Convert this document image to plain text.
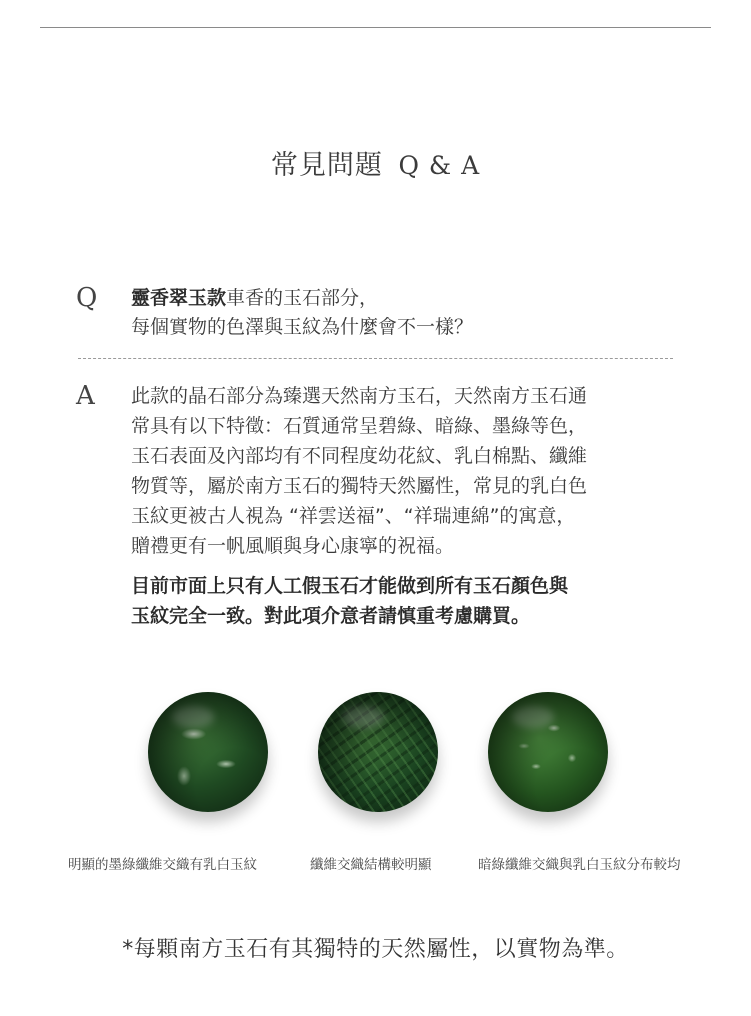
常見問題 Q & A
Q 靈香翠玉款車香的玉石部分，
每個實物的色澤與玉紋為什麼會不一樣？
A 此款的晶石部分為臻選天然南方玉石，天然南方玉石通

常具有以下特徵：石質通常呈碧綠、暗綠、墨綠等色，

玉石表面及內部均有不同程度幼花紋、乳白棉點、纖維

物質等，屬於南方玉石的獨特天然屬性，常見的乳白色

玉紋更被古人視為 “祥雲送福”、“祥瑞連綿”的寓意，

贈禮更有一帆風順與身心康寧的祝福。

目前市面上只有人工假玉石才能做到所有玉石顏色與

玉紋完全一致。對此項介意者請慎重考慮購買。

明顯的墨綠纖維交織有乳白玉紋	纖維交織結構較明顯	暗綠纖維交織與乳白玉紋分布較均
*每顆南方玉石有其獨特的天然屬性，以實物為準。
